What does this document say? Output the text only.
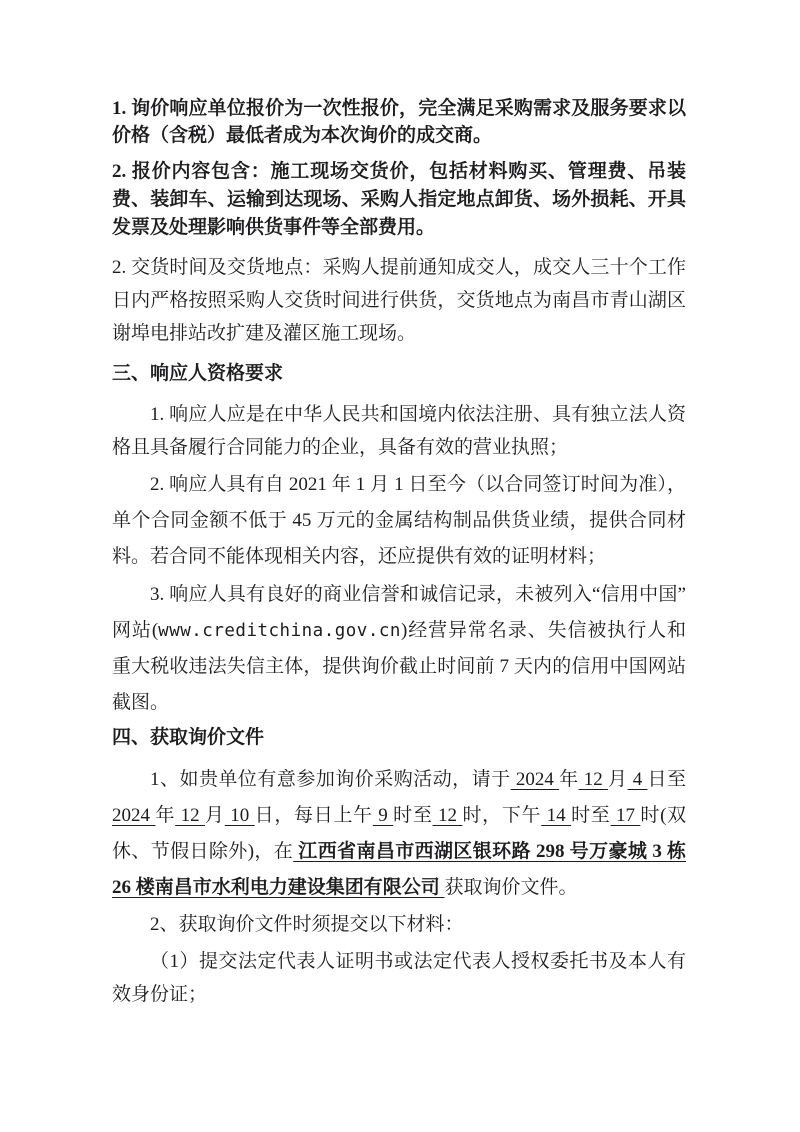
1. 询价响应单位报价为一次性报价，完全满足采购需求及服务要求以价格（含税）最低者成为本次询价的成交商。

2. 报价内容包含：施工现场交货价，包括材料购买、管理费、吊装费、装卸车、运输到达现场、采购人指定地点卸货、场外损耗、开具发票及处理影响供货事件等全部费用。

2. 交货时间及交货地点：采购人提前通知成交人，成交人三十个工作日内严格按照采购人交货时间进行供货，交货地点为南昌市青山湖区谢埠电排站改扩建及灌区施工现场。

三、响应人资格要求

1. 响应人应是在中华人民共和国境内依法注册、具有独立法人资格且具备履行合同能力的企业，具备有效的营业执照；

2. 响应人具有自 2021 年 1 月 1 日至今（以合同签订时间为准），单个合同金额不低于 45 万元的金属结构制品供货业绩，提供合同材料。若合同不能体现相关内容，还应提供有效的证明材料；

3. 响应人具有良好的商业信誉和诚信记录，未被列入“信用中国”网站(www.creditchina.gov.cn)经营异常名录、失信被执行人和重大税收违法失信主体，提供询价截止时间前 7 天内的信用中国网站截图。

四、获取询价文件

1、如贵单位有意参加询价采购活动，请于 2024 年 12 月 4 日至 2024 年 12 月 10 日，每日上午 9 时至 12 时，下午 14 时至 17 时(双休、节假日除外)，在 江西省南昌市西湖区银环路 298 号万豪城 3 栋 26 楼南昌市水利电力建设集团有限公司 获取询价文件。

2、获取询价文件时须提交以下材料：

（1）提交法定代表人证明书或法定代表人授权委托书及本人有效身份证；
